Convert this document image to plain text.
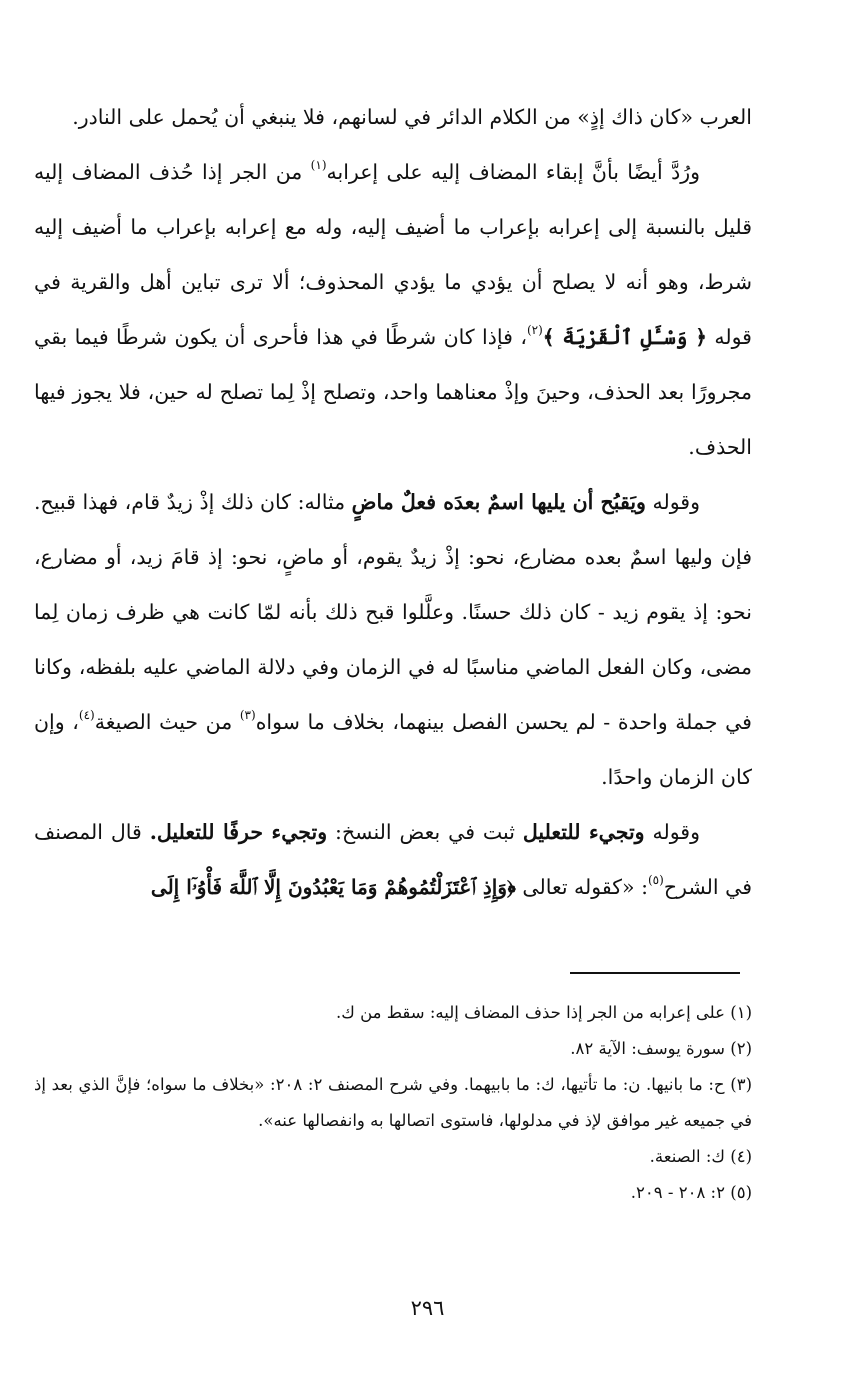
العرب «كان ذاك إذٍ» من الكلام الدائر في لسانهم، فلا ينبغي أن يُحمل على النادر.

ورُدَّ أيضًا بأنَّ إبقاء المضاف إليه على إعرابه$^{(١)}$ من الجر إذا حُذف المضاف إليه قليل بالنسبة إلى إعرابه بإعراب ما أضيف إليه، وله مع إعرابه بإعراب ما أضيف إليه شرط، وهو أنه لا يصلح أن يؤدي ما يؤدي المحذوف؛ ألا ترى تباين أهل والقرية في قوله ﴿ وَسْـَٔلِ ٱلْقَرْيَةَ ﴾$^{(٢)}$، فإذا كان شرطًا في هذا فأحرى أن يكون شرطًا فيما بقي مجرورًا بعد الحذف، وحينَ وإذْ معناهما واحد، وتصلح إذْ لِما تصلح له حين، فلا يجوز فيها الحذف.

وقوله ويَقبُح أن يليها اسمٌ بعدَه فعلٌ ماضٍ مثاله: كان ذلك إذْ زيدٌ قام، فهذا قبيح. فإن وليها اسمٌ بعده مضارع، نحو: إذْ زيدٌ يقوم، أو ماضٍ، نحو: إذ قامَ زيد، أو مضارع، نحو: إذ يقوم زيد - كان ذلك حسنًا. وعلَّلوا قبح ذلك بأنه لمّا كانت هي ظرف زمان لِما مضى، وكان الفعل الماضي مناسبًا له في الزمان وفي دلالة الماضي عليه بلفظه، وكانا في جملة واحدة - لم يحسن الفصل بينهما، بخلاف ما سواه$^{(٣)}$ من حيث الصيغة$^{(٤)}$، وإن كان الزمان واحدًا.

وقوله وتجيء للتعليل ثبت في بعض النسخ: وتجيء حرفًا للتعليل. قال المصنف في الشرح$^{(٥)}$: «كقوله تعالى ﴿وَإِذِ ٱعْتَزَلْتُمُوهُمْ وَمَا يَعْبُدُونَ إِلَّا ٱللَّهَ فَأْوُۥٓا إِلَى

(١) على إعرابه من الجر إذا حذف المضاف إليه: سقط من ك.

(٢) سورة يوسف: الآية ٨٢.

(٣) ح: ما بانيها. ن: ما تأتيها، ك: ما بابيهما. وفي شرح المصنف ٢: ٢٠٨: «بخلاف ما سواه؛ فإنَّ الذي بعد إذ في جميعه غير موافق لإذ في مدلولها، فاستوى اتصالها به وانفصالها عنه».

(٤) ك: الصنعة.

(٥) ٢: ٢٠٨ - ٢٠٩.

٢٩٦
